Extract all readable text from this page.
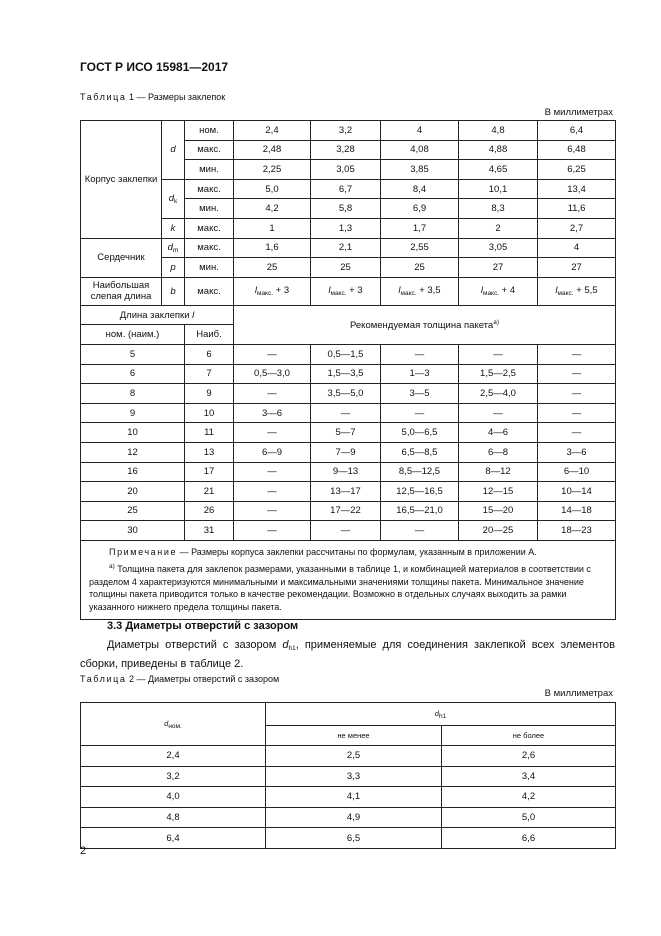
ГОСТ Р ИСО 15981—2017
Таблица 1 — Размеры заклепок
В миллиметрах
Корпус заклепки	d	ном.	2,4	3,2	4	4,8	6,4
		макс.	2,48	3,28	4,08	4,88	6,48
		мин.	2,25	3,05	3,85	4,65	6,25
	$d_k$	макс.	5,0	6,7	8,4	10,1	13,4
		мин.	4,2	5,8	6,9	8,3	11,6
	k	макс.	1	1,3	1,7	2	2,7
Сердечник	$d_m$	макс.	1,6	2,1	2,55	3,05	4
	p	мин.	25	25	25	27	27
Наибольшая слепая длина	b	макс.	$l_{макс.} + 3$	$l_{макс.} + 3$	$l_{макс.} + 3,5$	$l_{макс.} + 4$	$l_{макс.} + 5,5$
Длина заклепки l			Рекомендуемая толщина пакета$^{a)}$
ном. (наим.)		Наиб.					
5		6	—	0,5—1,5	—	—	—
6		7	0,5—3,0	1,5—3,5	1—3	1,5—2,5	—
8		9	—	3,5—5,0	3—5	2,5—4,0	—
9		10	3—6	—	—	—	—
10		11	—	5—7	5,0—6,5	4—6	—
12		13	6—9	7—9	6,5—8,5	6—8	3—6
16		17	—	9—13	8,5—12,5	8—12	6—10
20		21	—	13—17	12,5—16,5	12—15	10—14
25		26	—	17—22	16,5—21,0	15—20	14—18
30		31	—	—	—	20—25	18—23

Примечание — Размеры корпуса заклепки рассчитаны по формулам, указанным в приложении А.

$^{a)}$ Толщина пакета для заклепок размерами, указанными в таблице 1, и комбинацией материалов в соответствии с разделом 4 характеризуются минимальными и максимальными значениями толщины пакета. Минимальное значение толщины пакета приводится только в качестве рекомендации. Возможно в отдельных случаях выходить за рамки указанного нижнего предела толщины пакета.							

3.3 Диаметры отверстий с зазором
Диаметры отверстий с зазором $d_{h1}$, применяемые для соединения заклепкой всех элементов сборки, приведены в таблице 2.
Таблица 2 — Диаметры отверстий с зазором
В миллиметрах
$d_{ном.}$	$d_{h1}$
	не менее	не более
2,4	2,5	2,6
3,2	3,3	3,4
4,0	4,1	4,2
4,8	4,9	5,0
6,4	6,5	6,6
2
